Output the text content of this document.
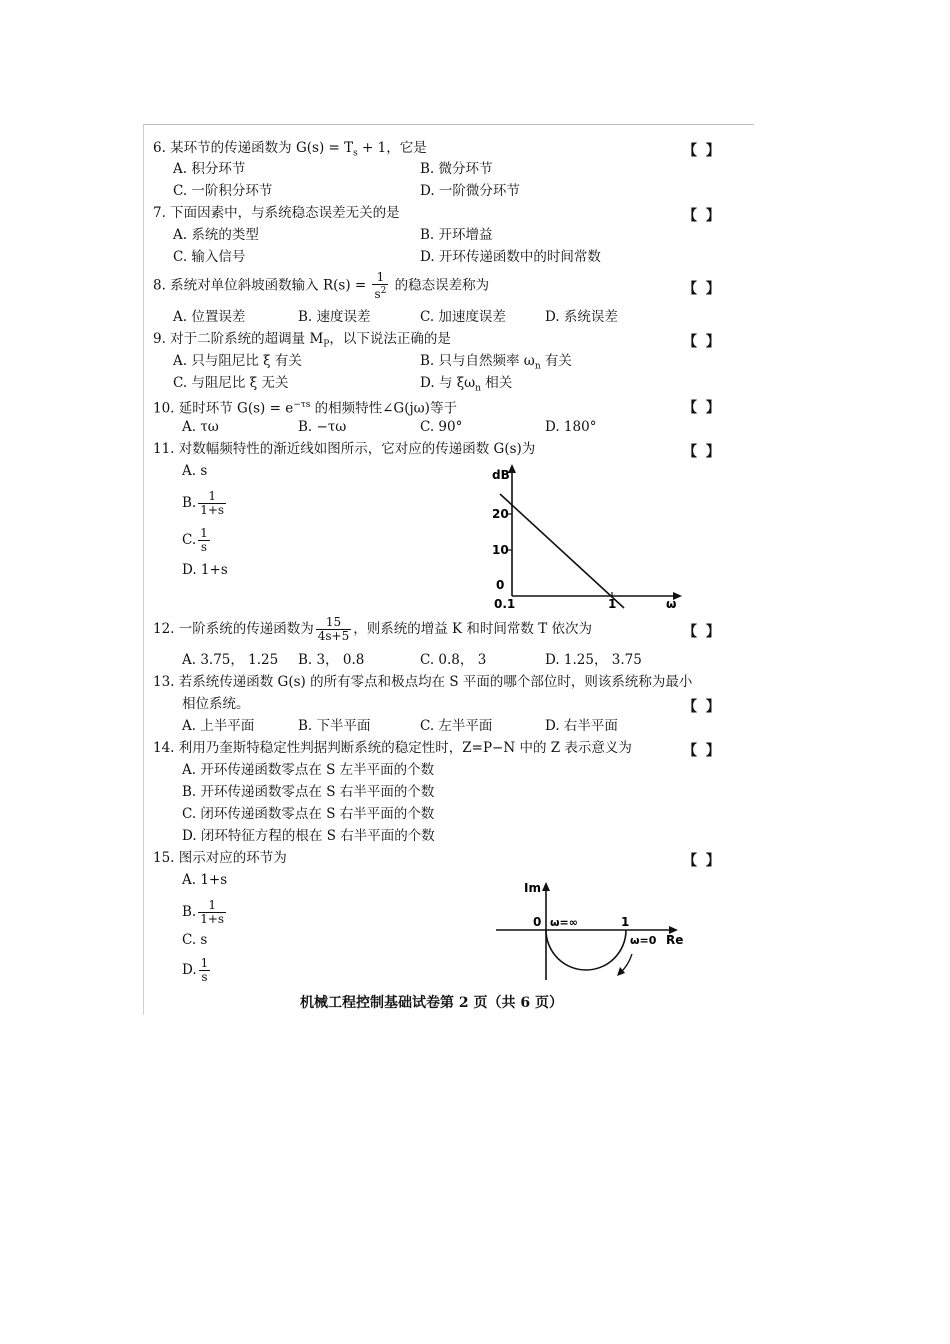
6. 某环节的传递函数为 $G(s) = T_s + 1$，它是	【 】
A. 积分环节	B. 微分环节
C. 一阶积分环节	D. 一阶微分环节
7. 下面因素中，与系统稳态误差无关的是	【 】
A. 系统的类型	B. 开环增益
C. 输入信号	D. 开环传递函数中的时间常数
8. 系统对单位斜坡函数输入 $R(s) = \frac{1}{s^2}$ 的稳态误差称为	【 】
A. 位置误差	B. 速度误差	C. 加速度误差	D. 系统误差
9. 对于二阶系统的超调量 $M_P$，以下说法正确的是	【 】
A. 只与阻尼比 ξ 有关	B. 只与自然频率 $\omega_n$ 有关
C. 与阻尼比 ξ 无关	D. 与 $\xi\omega_n$ 相关
10. 延时环节 $G(s) = e^{-\tau s}$ 的相频特性∠G(jω)等于	【 】
A. τω	B. −τω	C. 90°	D. 180°
11. 对数幅频特性的渐近线如图所示，它对应的传递函数 G(s)为	【 】
A. s
B. $\frac{1}{1+s}$
C. $\frac{1}{s}$
D. 1+s
dB
20
10
0
0.1	1	ω
12. 一阶系统的传递函数为 $\frac{15}{4s+5}$ ，则系统的增益 K 和时间常数 T 依次为	【 】
A. 3.75， 1.25 B. 3， 0.8	C. 0.8， 3	D. 1.25， 3.75
13. 若系统传递函数 G(s) 的所有零点和极点均在 S 平面的哪个部位时，则该系统称为最小
相位系统。	【 】
A. 上半平面	B. 下半平面	C. 左半平面	D. 右半平面
14. 利用乃奎斯特稳定性判据判断系统的稳定性时，Z=P−N 中的 Z 表示意义为	【 】
A. 开环传递函数零点在 S 左半平面的个数
B. 开环传递函数零点在 S 右半平面的个数
C. 闭环传递函数零点在 S 右半平面的个数
D. 闭环特征方程的根在 S 右半平面的个数
15. 图示对应的环节为	【 】
A. 1+s
B. $\frac{1}{1+s}$
C. s
D. $\frac{1}{s}$
Im
Re
0	1
ω=∞
ω=0
机械工程控制基础试卷第 2 页（共 6 页）
